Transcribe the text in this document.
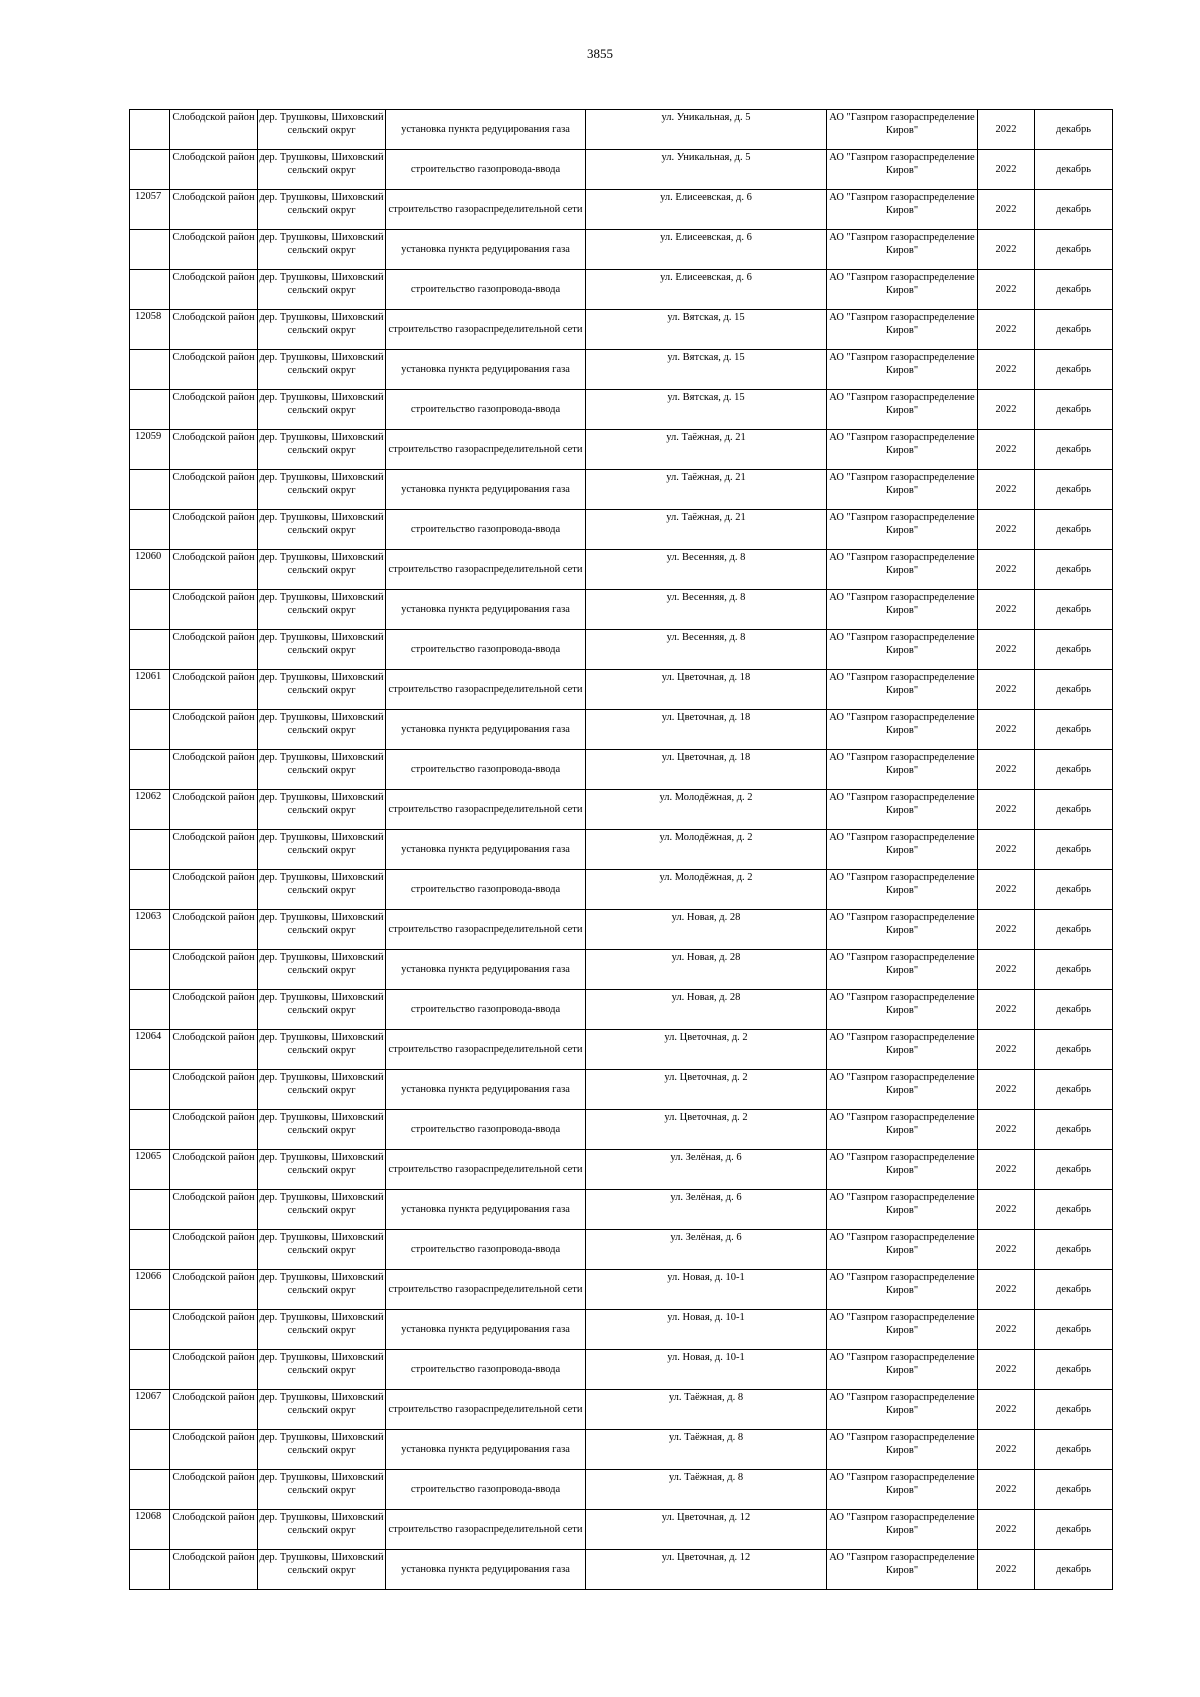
3855
	Слободской район	дер. Трушковы, Шиховский сельский округ	установка пункта редуцирования газа	ул. Уникальная, д. 5	АО "Газпром газораспределение Киров"	2022	декабрь
	Слободской район	дер. Трушковы, Шиховский сельский округ	строительство газопровода-ввода	ул. Уникальная, д. 5	АО "Газпром газораспределение Киров"	2022	декабрь
12057	Слободской район	дер. Трушковы, Шиховский сельский округ	строительство газораспределительной сети	ул. Елисеевская, д. 6	АО "Газпром газораспределение Киров"	2022	декабрь
	Слободской район	дер. Трушковы, Шиховский сельский округ	установка пункта редуцирования газа	ул. Елисеевская, д. 6	АО "Газпром газораспределение Киров"	2022	декабрь
	Слободской район	дер. Трушковы, Шиховский сельский округ	строительство газопровода-ввода	ул. Елисеевская, д. 6	АО "Газпром газораспределение Киров"	2022	декабрь
12058	Слободской район	дер. Трушковы, Шиховский сельский округ	строительство газораспределительной сети	ул. Вятская, д. 15	АО "Газпром газораспределение Киров"	2022	декабрь
	Слободской район	дер. Трушковы, Шиховский сельский округ	установка пункта редуцирования газа	ул. Вятская, д. 15	АО "Газпром газораспределение Киров"	2022	декабрь
	Слободской район	дер. Трушковы, Шиховский сельский округ	строительство газопровода-ввода	ул. Вятская, д. 15	АО "Газпром газораспределение Киров"	2022	декабрь
12059	Слободской район	дер. Трушковы, Шиховский сельский округ	строительство газораспределительной сети	ул. Таёжная, д. 21	АО "Газпром газораспределение Киров"	2022	декабрь
	Слободской район	дер. Трушковы, Шиховский сельский округ	установка пункта редуцирования газа	ул. Таёжная, д. 21	АО "Газпром газораспределение Киров"	2022	декабрь
	Слободской район	дер. Трушковы, Шиховский сельский округ	строительство газопровода-ввода	ул. Таёжная, д. 21	АО "Газпром газораспределение Киров"	2022	декабрь
12060	Слободской район	дер. Трушковы, Шиховский сельский округ	строительство газораспределительной сети	ул. Весенняя, д. 8	АО "Газпром газораспределение Киров"	2022	декабрь
	Слободской район	дер. Трушковы, Шиховский сельский округ	установка пункта редуцирования газа	ул. Весенняя, д. 8	АО "Газпром газораспределение Киров"	2022	декабрь
	Слободской район	дер. Трушковы, Шиховский сельский округ	строительство газопровода-ввода	ул. Весенняя, д. 8	АО "Газпром газораспределение Киров"	2022	декабрь
12061	Слободской район	дер. Трушковы, Шиховский сельский округ	строительство газораспределительной сети	ул. Цветочная, д. 18	АО "Газпром газораспределение Киров"	2022	декабрь
	Слободской район	дер. Трушковы, Шиховский сельский округ	установка пункта редуцирования газа	ул. Цветочная, д. 18	АО "Газпром газораспределение Киров"	2022	декабрь
	Слободской район	дер. Трушковы, Шиховский сельский округ	строительство газопровода-ввода	ул. Цветочная, д. 18	АО "Газпром газораспределение Киров"	2022	декабрь
12062	Слободской район	дер. Трушковы, Шиховский сельский округ	строительство газораспределительной сети	ул. Молодёжная, д. 2	АО "Газпром газораспределение Киров"	2022	декабрь
	Слободской район	дер. Трушковы, Шиховский сельский округ	установка пункта редуцирования газа	ул. Молодёжная, д. 2	АО "Газпром газораспределение Киров"	2022	декабрь
	Слободской район	дер. Трушковы, Шиховский сельский округ	строительство газопровода-ввода	ул. Молодёжная, д. 2	АО "Газпром газораспределение Киров"	2022	декабрь
12063	Слободской район	дер. Трушковы, Шиховский сельский округ	строительство газораспределительной сети	ул. Новая, д. 28	АО "Газпром газораспределение Киров"	2022	декабрь
	Слободской район	дер. Трушковы, Шиховский сельский округ	установка пункта редуцирования газа	ул. Новая, д. 28	АО "Газпром газораспределение Киров"	2022	декабрь
	Слободской район	дер. Трушковы, Шиховский сельский округ	строительство газопровода-ввода	ул. Новая, д. 28	АО "Газпром газораспределение Киров"	2022	декабрь
12064	Слободской район	дер. Трушковы, Шиховский сельский округ	строительство газораспределительной сети	ул. Цветочная, д. 2	АО "Газпром газораспределение Киров"	2022	декабрь
	Слободской район	дер. Трушковы, Шиховский сельский округ	установка пункта редуцирования газа	ул. Цветочная, д. 2	АО "Газпром газораспределение Киров"	2022	декабрь
	Слободской район	дер. Трушковы, Шиховский сельский округ	строительство газопровода-ввода	ул. Цветочная, д. 2	АО "Газпром газораспределение Киров"	2022	декабрь
12065	Слободской район	дер. Трушковы, Шиховский сельский округ	строительство газораспределительной сети	ул. Зелёная, д. 6	АО "Газпром газораспределение Киров"	2022	декабрь
	Слободской район	дер. Трушковы, Шиховский сельский округ	установка пункта редуцирования газа	ул. Зелёная, д. 6	АО "Газпром газораспределение Киров"	2022	декабрь
	Слободской район	дер. Трушковы, Шиховский сельский округ	строительство газопровода-ввода	ул. Зелёная, д. 6	АО "Газпром газораспределение Киров"	2022	декабрь
12066	Слободской район	дер. Трушковы, Шиховский сельский округ	строительство газораспределительной сети	ул. Новая, д. 10-1	АО "Газпром газораспределение Киров"	2022	декабрь
	Слободской район	дер. Трушковы, Шиховский сельский округ	установка пункта редуцирования газа	ул. Новая, д. 10-1	АО "Газпром газораспределение Киров"	2022	декабрь
	Слободской район	дер. Трушковы, Шиховский сельский округ	строительство газопровода-ввода	ул. Новая, д. 10-1	АО "Газпром газораспределение Киров"	2022	декабрь
12067	Слободской район	дер. Трушковы, Шиховский сельский округ	строительство газораспределительной сети	ул. Таёжная, д. 8	АО "Газпром газораспределение Киров"	2022	декабрь
	Слободской район	дер. Трушковы, Шиховский сельский округ	установка пункта редуцирования газа	ул. Таёжная, д. 8	АО "Газпром газораспределение Киров"	2022	декабрь
	Слободской район	дер. Трушковы, Шиховский сельский округ	строительство газопровода-ввода	ул. Таёжная, д. 8	АО "Газпром газораспределение Киров"	2022	декабрь
12068	Слободской район	дер. Трушковы, Шиховский сельский округ	строительство газораспределительной сети	ул. Цветочная, д. 12	АО "Газпром газораспределение Киров"	2022	декабрь
	Слободской район	дер. Трушковы, Шиховский сельский округ	установка пункта редуцирования газа	ул. Цветочная, д. 12	АО "Газпром газораспределение Киров"	2022	декабрь
